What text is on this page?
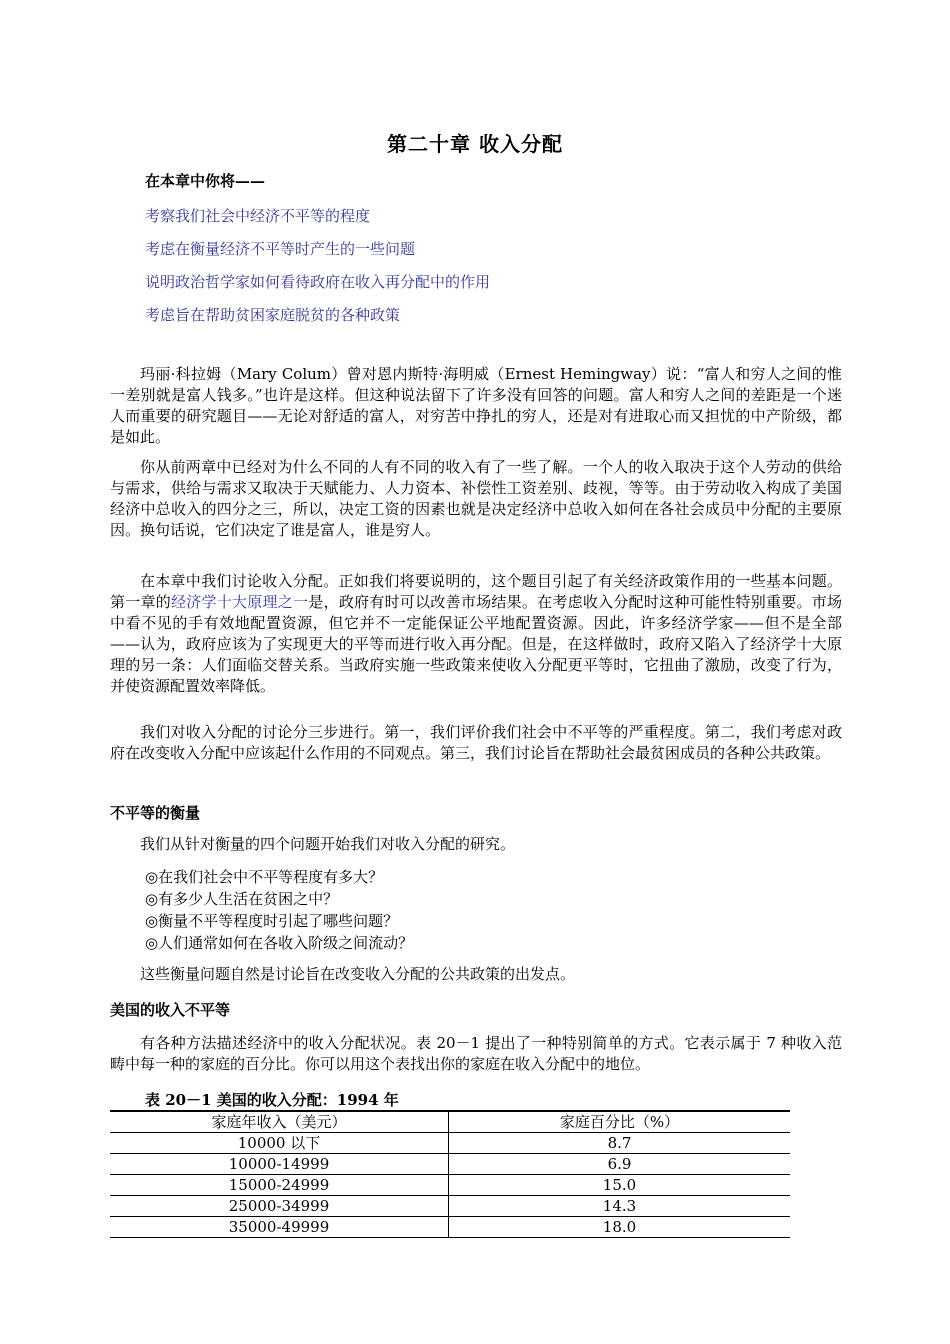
第二十章 收入分配

在本章中你将——

考察我们社会中经济不平等的程度
考虑在衡量经济不平等时产生的一些问题
说明政治哲学家如何看待政府在收入再分配中的作用
考虑旨在帮助贫困家庭脱贫的各种政策

玛丽·科拉姆（Mary Colum）曾对恩内斯特·海明威（Ernest Hemingway）说：“富人和穷人之间的惟一差别就是富人钱多。”也许是这样。但这种说法留下了许多没有回答的问题。富人和穷人之间的差距是一个迷人而重要的研究题目——无论对舒适的富人，对穷苦中挣扎的穷人，还是对有进取心而又担忧的中产阶级，都是如此。

你从前两章中已经对为什么不同的人有不同的收入有了一些了解。一个人的收入取决于这个人劳动的供给与需求，供给与需求又取决于天赋能力、人力资本、补偿性工资差别、歧视，等等。由于劳动收入构成了美国经济中总收入的四分之三，所以，决定工资的因素也就是决定经济中总收入如何在各社会成员中分配的主要原因。换句话说，它们决定了谁是富人，谁是穷人。

在本章中我们讨论收入分配。正如我们将要说明的，这个题目引起了有关经济政策作用的一些基本问题。第一章的经济学十大原理之一是，政府有时可以改善市场结果。在考虑收入分配时这种可能性特别重要。市场中看不见的手有效地配置资源，但它并不一定能保证公平地配置资源。因此，许多经济学家——但不是全部——认为，政府应该为了实现更大的平等而进行收入再分配。但是，在这样做时，政府又陷入了经济学十大原理的另一条：人们面临交替关系。当政府实施一些政策来使收入分配更平等时，它扭曲了激励，改变了行为，并使资源配置效率降低。

我们对收入分配的讨论分三步进行。第一，我们评价我们社会中不平等的严重程度。第二，我们考虑对政府在改变收入分配中应该起什么作用的不同观点。第三，我们讨论旨在帮助社会最贫困成员的各种公共政策。

不平等的衡量

我们从针对衡量的四个问题开始我们对收入分配的研究。

◎在我们社会中不平等程度有多大？
◎有多少人生活在贫困之中？
◎衡量不平等程度时引起了哪些问题？
◎人们通常如何在各收入阶级之间流动？

这些衡量问题自然是讨论旨在改变收入分配的公共政策的出发点。

美国的收入不平等

有各种方法描述经济中的收入分配状况。表 20－1 提出了一种特别简单的方式。它表示属于 7 种收入范畴中每一种的家庭的百分比。你可以用这个表找出你的家庭在收入分配中的地位。

表 20－1 美国的收入分配：1994 年

家庭年收入（美元）	家庭百分比（%）
10000 以下	8.7
10000-14999	6.9
15000-24999	15.0
25000-34999	14.3
35000-49999	18.0
